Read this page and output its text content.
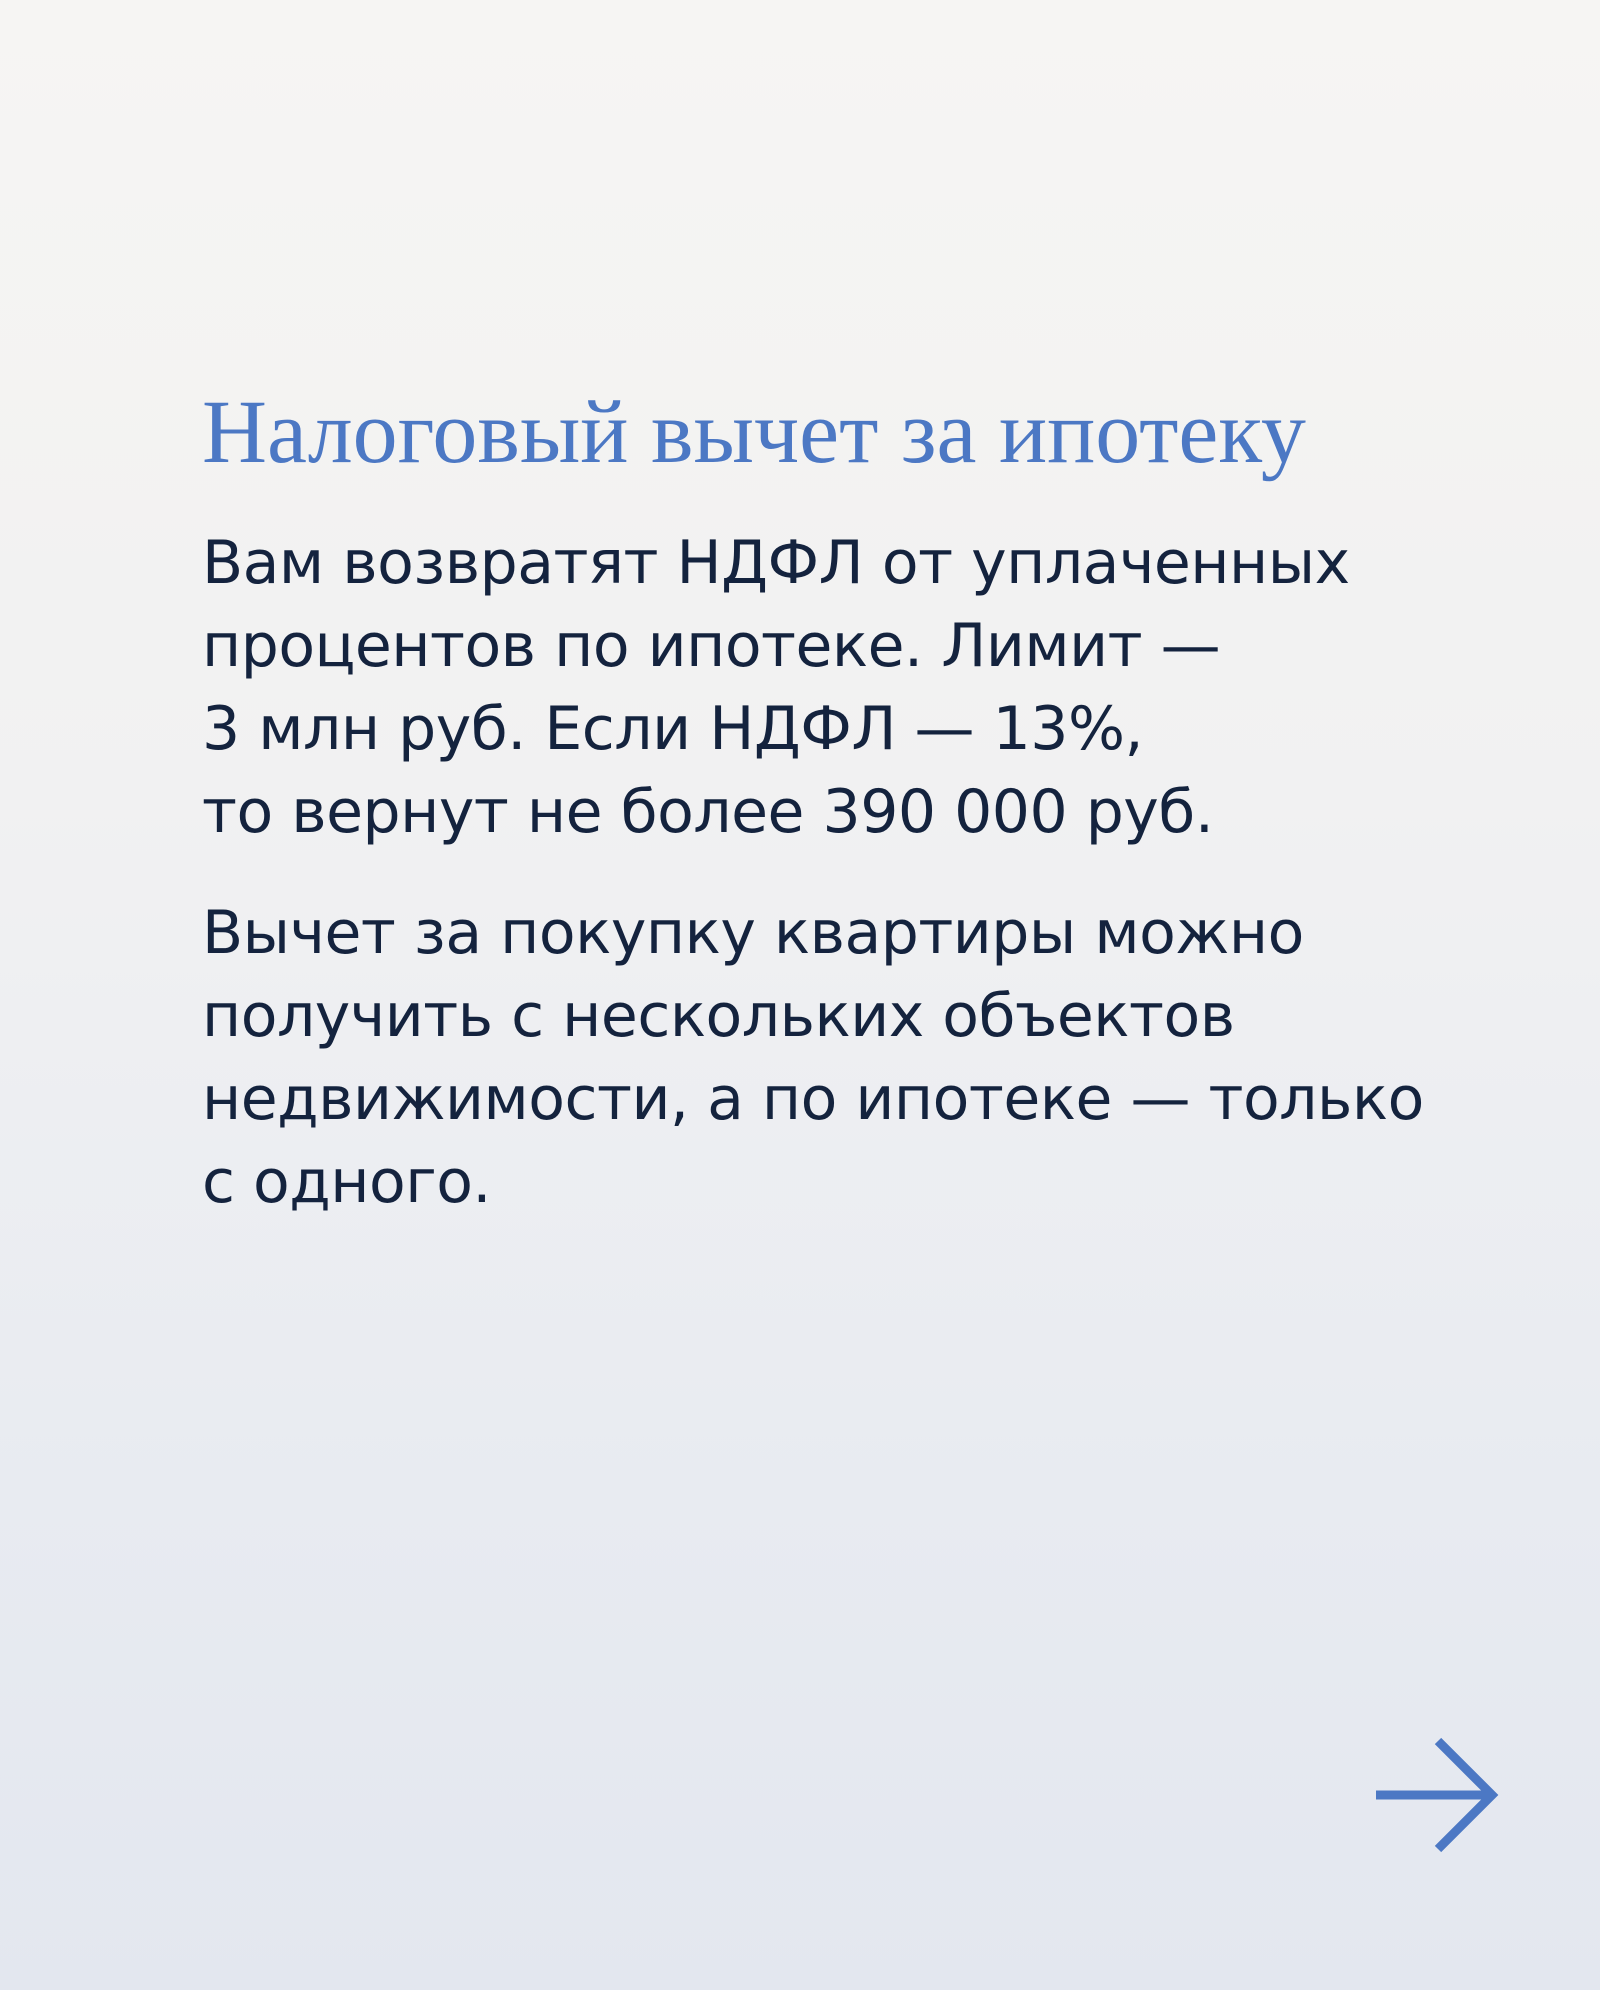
Налоговый вычет за ипотеку

Вам возвратят НДФЛ от уплаченных
процентов по ипотеке. Лимит —
3 млн руб. Если НДФЛ — 13%,
то вернут не более 390 000 руб.

Вычет за покупку квартиры можно
получить с нескольких объектов
недвижимости, а по ипотеке — только
с одного.
